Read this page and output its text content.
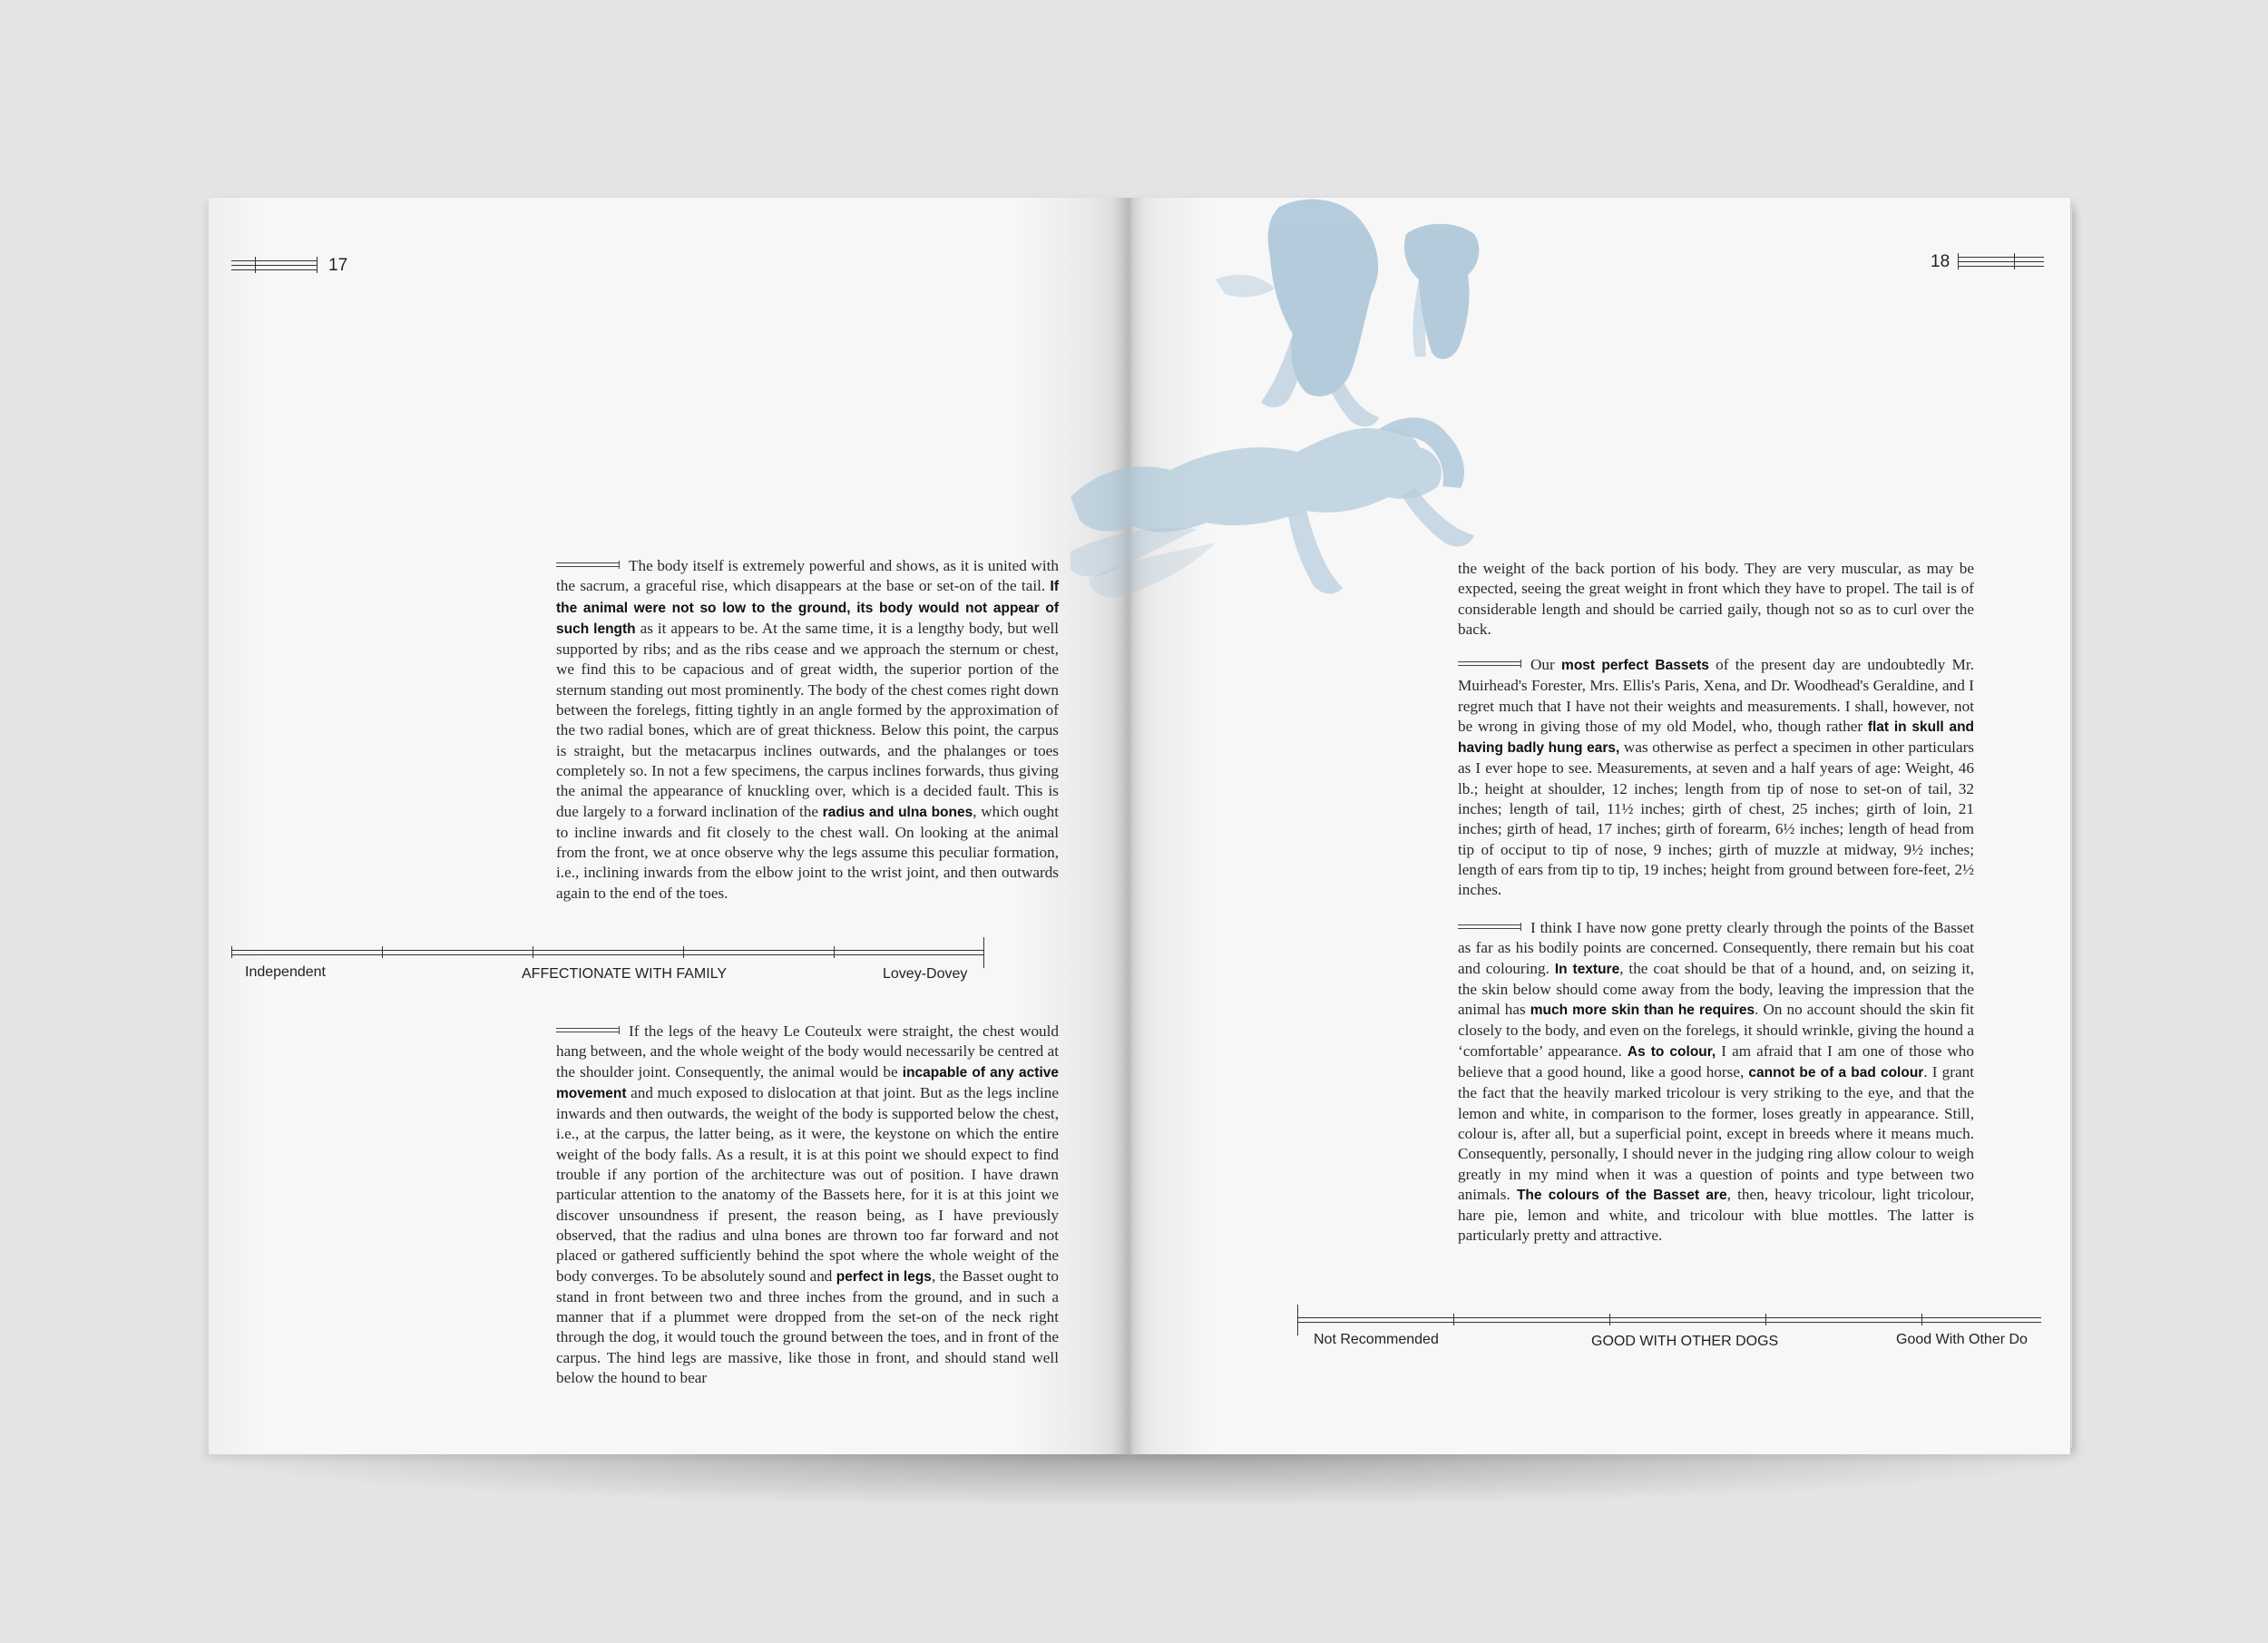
17

The body itself is extremely powerful and shows, as it is united with the sacrum, a graceful rise, which disappears at the base or set-on of the tail. If the animal were not so low to the ground, its body would not appear of such length as it appears to be. At the same time, it is a lengthy body, but well supported by ribs; and as the ribs cease and we approach the sternum or chest, we find this to be capacious and of great width, the superior portion of the sternum standing out most prominently. The body of the chest comes right down between the forelegs, fitting tightly in an angle formed by the approximation of the two radial bones, which are of great thickness. Below this point, the carpus is straight, but the metacarpus inclines outwards, and the phalanges or toes completely so. In not a few specimens, the carpus inclines forwards, thus giving the animal the appearance of knuckling over, which is a decided fault. This is due largely to a forward inclination of the radius and ulna bones, which ought to incline inwards and fit closely to the chest wall. On looking at the animal from the front, we at once observe why the legs assume this peculiar formation, i.e., inclining inwards from the elbow joint to the wrist joint, and then outwards again to the end of the toes.

Independent	AFFECTIONATE WITH FAMILY	Lovey-Dovey

If the legs of the heavy Le Couteulx were straight, the chest would hang between, and the whole weight of the body would necessarily be centred at the shoulder joint. Consequently, the animal would be incapable of any active movement and much exposed to dislocation at that joint. But as the legs incline inwards and then outwards, the weight of the body is supported below the chest, i.e., at the carpus, the latter being, as it were, the keystone on which the entire weight of the body falls. As a result, it is at this point we should expect to find trouble if any portion of the architecture was out of position. I have drawn particular attention to the anatomy of the Bassets here, for it is at this joint we discover unsoundness if present, the reason being, as I have previously observed, that the radius and ulna bones are thrown too far forward and not placed or gathered sufficiently behind the spot where the whole weight of the body converges. To be absolutely sound and perfect in legs, the Basset ought to stand in front between two and three inches from the ground, and in such a manner that if a plummet were dropped from the set-on of the neck right through the dog, it would touch the ground between the toes, and in front of the carpus. The hind legs are massive, like those in front, and should stand well below the hound to bear

18

the weight of the back portion of his body. They are very muscular, as may be expected, seeing the great weight in front which they have to propel. The tail is of considerable length and should be carried gaily, though not so as to curl over the back.

Our most perfect Bassets of the present day are undoubtedly Mr. Muirhead's Forester, Mrs. Ellis's Paris, Xena, and Dr. Woodhead's Geraldine, and I regret much that I have not their weights and measurements. I shall, however, not be wrong in giving those of my old Model, who, though rather flat in skull and having badly hung ears, was otherwise as perfect a specimen in other particulars as I ever hope to see. Measurements, at seven and a half years of age: Weight, 46 lb.; height at shoulder, 12 inches; length from tip of nose to set-on of tail, 32 inches; length of tail, 11½ inches; girth of chest, 25 inches; girth of loin, 21 inches; girth of head, 17 inches; girth of forearm, 6½ inches; length of head from tip of occiput to tip of nose, 9 inches; girth of muzzle at midway, 9½ inches; length of ears from tip to tip, 19 inches; height from ground between fore-feet, 2½ inches.

I think I have now gone pretty clearly through the points of the Basset as far as his bodily points are concerned. Consequently, there remain but his coat and colouring. In texture, the coat should be that of a hound, and, on seizing it, the skin below should come away from the body, leaving the impression that the animal has much more skin than he requires. On no account should the skin fit closely to the body, and even on the forelegs, it should wrinkle, giving the hound a ‘comfortable’ appearance. As to colour, I am afraid that I am one of those who believe that a good hound, like a good horse, cannot be of a bad colour. I grant the fact that the heavily marked tricolour is very striking to the eye, and that the lemon and white, in comparison to the former, loses greatly in appearance. Still, colour is, after all, but a superficial point, except in breeds where it means much. Consequently, personally, I should never in the judging ring allow colour to weigh greatly in my mind when it was a question of points and type between two animals. The colours of the Basset are, then, heavy tricolour, light tricolour, hare pie, lemon and white, and tricolour with blue mottles. The latter is particularly pretty and attractive.

Not Recommended	GOOD WITH OTHER DOGS	Good With Other Do
